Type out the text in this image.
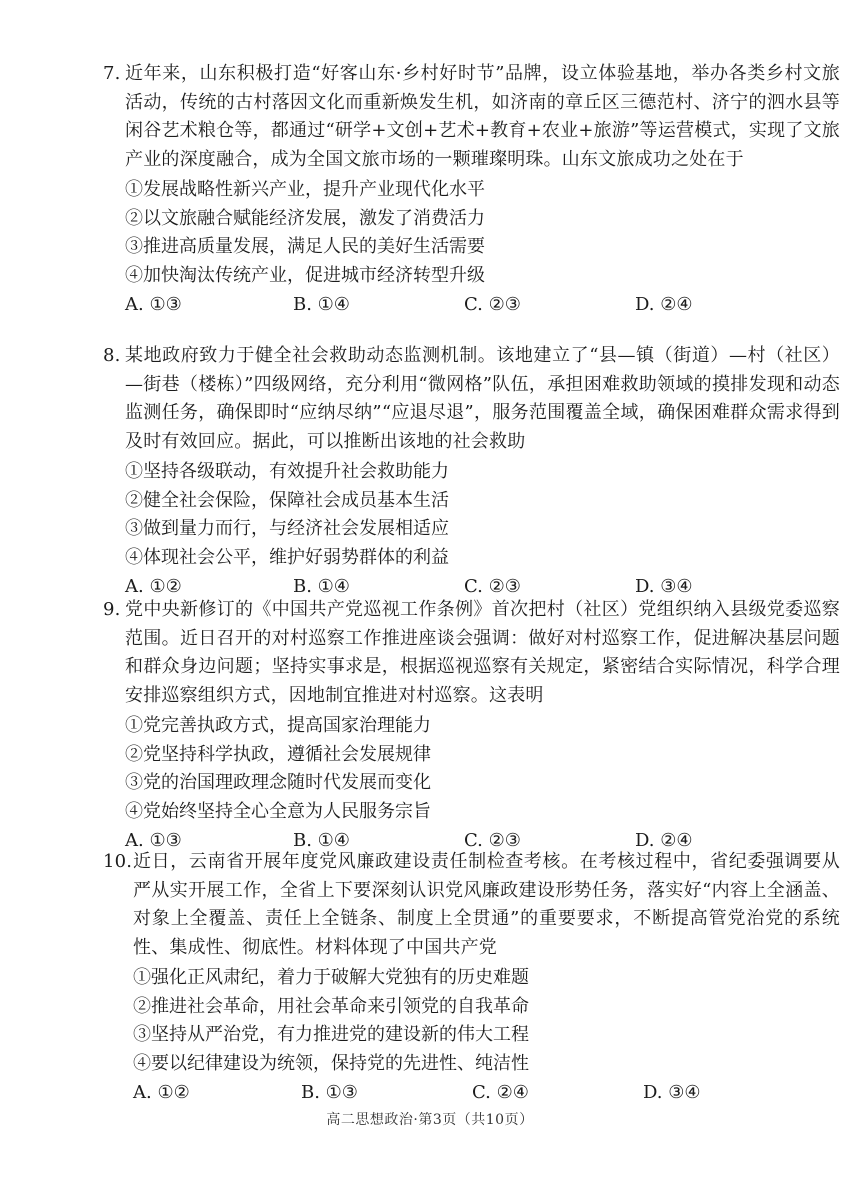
7. 近年来，山东积极打造“好客山东·乡村好时节”品牌，设立体验基地，举办各类乡村文旅活动，传统的古村落因文化而重新焕发生机，如济南的章丘区三德范村、济宁的泗水县等闲谷艺术粮仓等，都通过“研学+文创+艺术+教育+农业+旅游”等运营模式，实现了文旅产业的深度融合，成为全国文旅市场的一颗璀璨明珠。山东文旅成功之处在于
①发展战略性新兴产业，提升产业现代化水平
②以文旅融合赋能经济发展，激发了消费活力
③推进高质量发展，满足人民的美好生活需要
④加快淘汰传统产业，促进城市经济转型升级
A. ①③	B. ①④	C. ②③	D. ②④
8. 某地政府致力于健全社会救助动态监测机制。该地建立了“县—镇（街道）—村（社区）—街巷（楼栋）”四级网络，充分利用“微网格”队伍，承担困难救助领域的摸排发现和动态监测任务，确保即时“应纳尽纳”“应退尽退”，服务范围覆盖全域，确保困难群众需求得到及时有效回应。据此，可以推断出该地的社会救助
①坚持各级联动，有效提升社会救助能力
②健全社会保险，保障社会成员基本生活
③做到量力而行，与经济社会发展相适应
④体现社会公平，维护好弱势群体的利益
A. ①②	B. ①④	C. ②③	D. ③④
9. 党中央新修订的《中国共产党巡视工作条例》首次把村（社区）党组织纳入县级党委巡察范围。近日召开的对村巡察工作推进座谈会强调：做好对村巡察工作，促进解决基层问题和群众身边问题；坚持实事求是，根据巡视巡察有关规定，紧密结合实际情况，科学合理安排巡察组织方式，因地制宜推进对村巡察。这表明
①党完善执政方式，提高国家治理能力
②党坚持科学执政，遵循社会发展规律
③党的治国理政理念随时代发展而变化
④党始终坚持全心全意为人民服务宗旨
A. ①③	B. ①④	C. ②③	D. ②④
10. 近日，云南省开展年度党风廉政建设责任制检查考核。在考核过程中，省纪委强调要从严从实开展工作，全省上下要深刻认识党风廉政建设形势任务，落实好“内容上全涵盖、对象上全覆盖、责任上全链条、制度上全贯通”的重要要求，不断提高管党治党的系统性、集成性、彻底性。材料体现了中国共产党
①强化正风肃纪，着力于破解大党独有的历史难题
②推进社会革命，用社会革命来引领党的自我革命
③坚持从严治党，有力推进党的建设新的伟大工程
④要以纪律建设为统领，保持党的先进性、纯洁性
A. ①②	B. ①③	C. ②④	D. ③④
高二思想政治·第3页（共10页）
